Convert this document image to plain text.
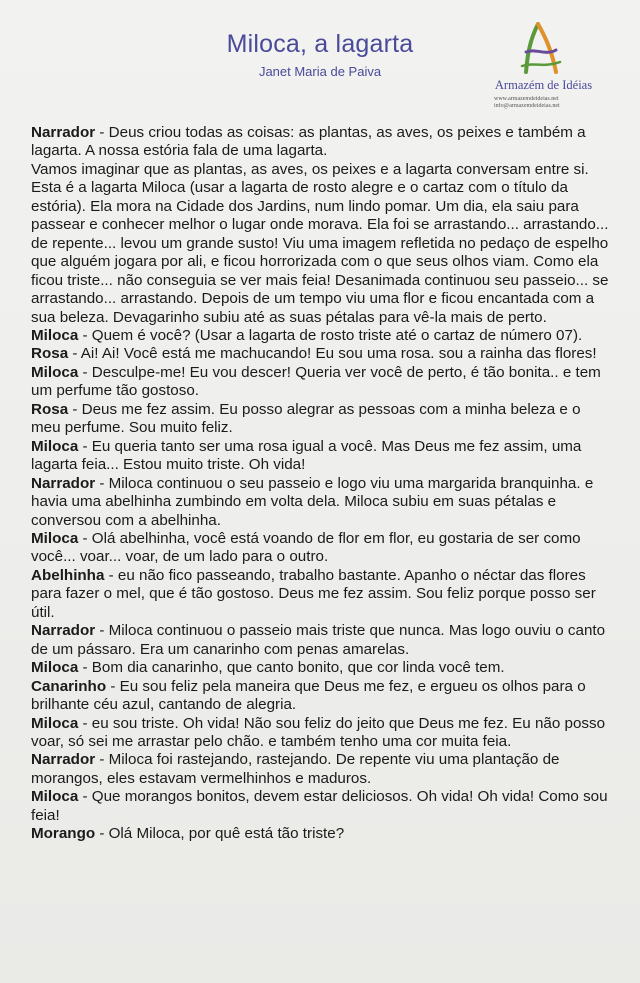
Miloca, a lagarta
Janet Maria de Paiva
Armazém de Idéias
www.armazemdeideias.net
info@armazemdeideias.net

Narrador - Deus criou todas as coisas: as plantas, as aves, os peixes e também a lagarta. A nossa estória fala de uma lagarta.

Vamos imaginar que as plantas, as aves, os peixes e a lagarta conversam entre si. Esta é a lagarta Miloca (usar a lagarta de rosto alegre e o cartaz com o título da estória). Ela mora na Cidade dos Jardins, num lindo pomar. Um dia, ela saiu para passear e conhecer melhor o lugar onde morava. Ela foi se arrastando... arrastando... de repente... levou um grande susto! Viu uma imagem refletida no pedaço de espelho que alguém jogara por ali, e ficou horrorizada com o que seus olhos viam. Como ela ficou triste... não conseguia se ver mais feia! Desanimada continuou seu passeio... se arrastando... arrastando. Depois de um tempo viu uma flor e ficou encantada com a sua beleza. Devagarinho subiu até as suas pétalas para vê-la mais de perto.

Miloca - Quem é você? (Usar a lagarta de rosto triste até o cartaz de número 07).

Rosa - Ai! Ai! Você está me machucando! Eu sou uma rosa. sou a rainha das flores!

Miloca - Desculpe-me! Eu vou descer! Queria ver você de perto, é tão bonita.. e tem um perfume tão gostoso.

Rosa - Deus me fez assim. Eu posso alegrar as pessoas com a minha beleza e o meu perfume. Sou muito feliz.

Miloca - Eu queria tanto ser uma rosa igual a você. Mas Deus me fez assim, uma lagarta feia... Estou muito triste. Oh vida!

Narrador - Miloca continuou o seu passeio e logo viu uma margarida branquinha. e havia uma abelhinha zumbindo em volta dela. Miloca subiu em suas pétalas e conversou com a abelhinha.

Miloca - Olá abelhinha, você está voando de flor em flor, eu gostaria de ser como você... voar... voar, de um lado para o outro.

Abelhinha - eu não fico passeando, trabalho bastante. Apanho o néctar das flores para fazer o mel, que é tão gostoso. Deus me fez assim. Sou feliz porque posso ser útil.

Narrador - Miloca continuou o passeio mais triste que nunca. Mas logo ouviu o canto de um pássaro. Era um canarinho com penas amarelas.

Miloca - Bom dia canarinho, que canto bonito, que cor linda você tem.

Canarinho - Eu sou feliz pela maneira que Deus me fez, e ergueu os olhos para o brilhante céu azul, cantando de alegria.

Miloca - eu sou triste. Oh vida! Não sou feliz do jeito que Deus me fez. Eu não posso voar, só sei me arrastar pelo chão. e também tenho uma cor muita feia.

Narrador - Miloca foi rastejando, rastejando. De repente viu uma plantação de morangos, eles estavam vermelhinhos e maduros.

Miloca - Que morangos bonitos, devem estar deliciosos. Oh vida! Oh vida! Como sou feia!

Morango - Olá Miloca, por quê está tão triste?
